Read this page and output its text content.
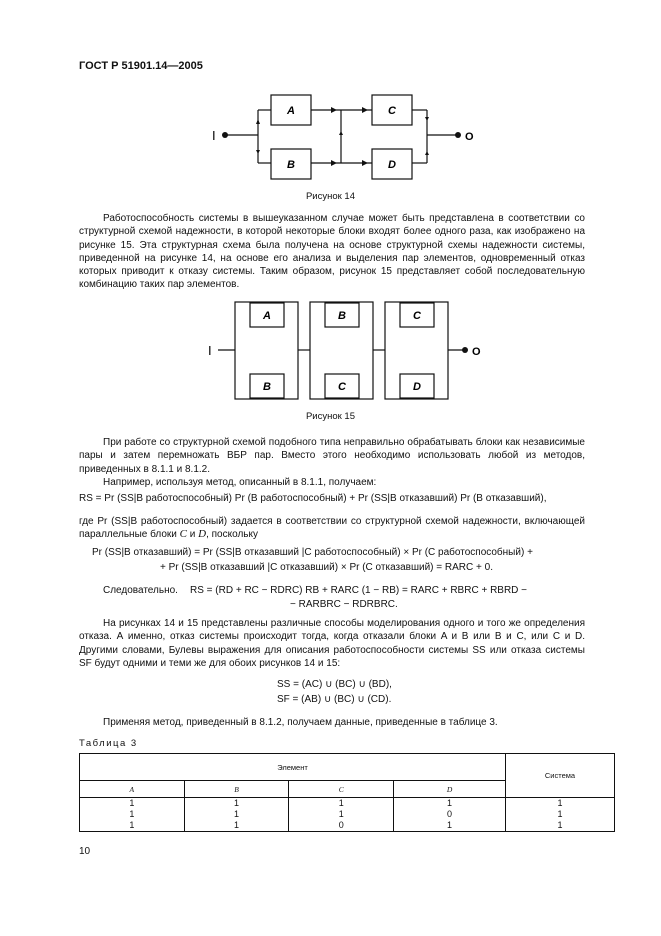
ГОСТ Р 51901.14—2005
I	O
A
B
C
D
Рисунок 14
Работоспособность системы в вышеуказанном случае может быть представлена в соответствии со структурной схемой надежности, в которой некоторые блоки входят более одного раза, как изображено на рисунке 15. Эта структурная схема была получена на основе структурной схемы надежности системы, приведенной на рисунке 14, на основе его анализа и выделения пар элементов, одновременный отказ которых приводит к отказу системы. Таким образом, рисунок 15 представляет собой последовательную комбинацию таких пар элементов.
I	O
A
B
B
C
C
D
Рисунок 15
При работе со структурной схемой подобного типа неправильно обрабатывать блоки как независимые пары и затем перемножать ВБР пар. Вместо этого необходимо использовать любой из методов, приведенных в 8.1.1 и 8.1.2.
Например, используя метод, описанный в 8.1.1, получаем:
RS = Pr (SS|B работоспособный) Pr (B работоспособный) + Pr (SS|B отказавший) Pr (B отказавший),
где Pr (SS|B работоспособный) задается в соответствии со структурной схемой надежности, включающей параллельные блоки C и D, поскольку
Pr (SS|B отказавший) = Pr (SS|B отказавший |C работоспособный) × Pr (C работоспособный) +
+ Pr (SS|B отказавший |C отказавший) × Pr (C отказавший) = RARC + 0.
Следовательно. RS = (RD + RC − RDRC) RB + RARC (1 − RB) = RARC + RBRC + RBRD −
− RARBRC − RDRBRC.
На рисунках 14 и 15 представлены различные способы моделирования одного и того же определения отказа. А именно, отказ системы происходит тогда, когда отказали блоки A и B или B и C, или C и D. Другими словами, Булевы выражения для описания работоспособности системы SS или отказа системы SF будут одними и теми же для обоих рисунков 14 и 15:
SS = (AC) ∪ (BC) ∪ (BD),
SF = (AB) ∪ (BC) ∪ (CD).
Применяя метод, приведенный в 8.1.2, получаем данные, приведенные в таблице 3.
Таблица 3
Элемент				Система
A	B	C	D	
1	1	1	1	1
1	1	1	0	1
1	1	0	1	1
10
